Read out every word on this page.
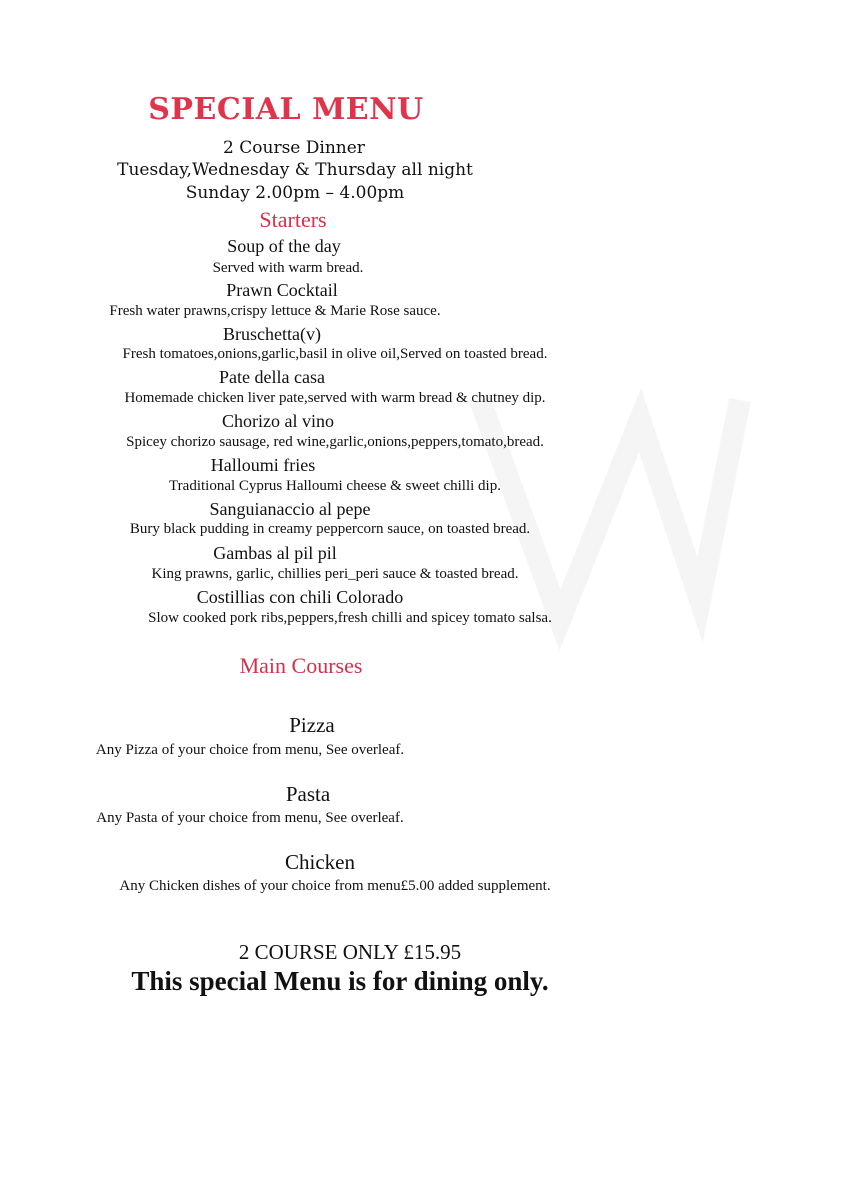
SPECIAL MENU
2 Course Dinner
Tuesday,Wednesday & Thursday all night
Sunday 2.00pm – 4.00pm
Starters
Soup of the day
Served with warm bread.
Prawn Cocktail
Fresh water prawns,crispy lettuce & Marie Rose sauce.
Bruschetta(v)
Fresh tomatoes,onions,garlic,basil in olive oil,Served on toasted bread.
Pate della casa
Homemade chicken liver pate,served with warm bread & chutney dip.
Chorizo al vino
Spicey chorizo sausage, red wine,garlic,onions,peppers,tomato,bread.
Halloumi fries
Traditional Cyprus Halloumi cheese & sweet chilli dip.
Sanguianaccio al pepe
Bury black pudding in creamy peppercorn sauce, on toasted bread.
Gambas al pil pil
King prawns, garlic, chillies peri_peri sauce & toasted bread.
Costillias con chili Colorado
Slow cooked pork ribs,peppers,fresh chilli and spicey tomato salsa.
Main Courses
Pizza
Any Pizza of your choice from menu, See overleaf.
Pasta
Any Pasta of your choice from menu, See overleaf.
Chicken
Any Chicken dishes of your choice from menu£5.00 added supplement.
2 COURSE ONLY £15.95
This special Menu is for dining only.
